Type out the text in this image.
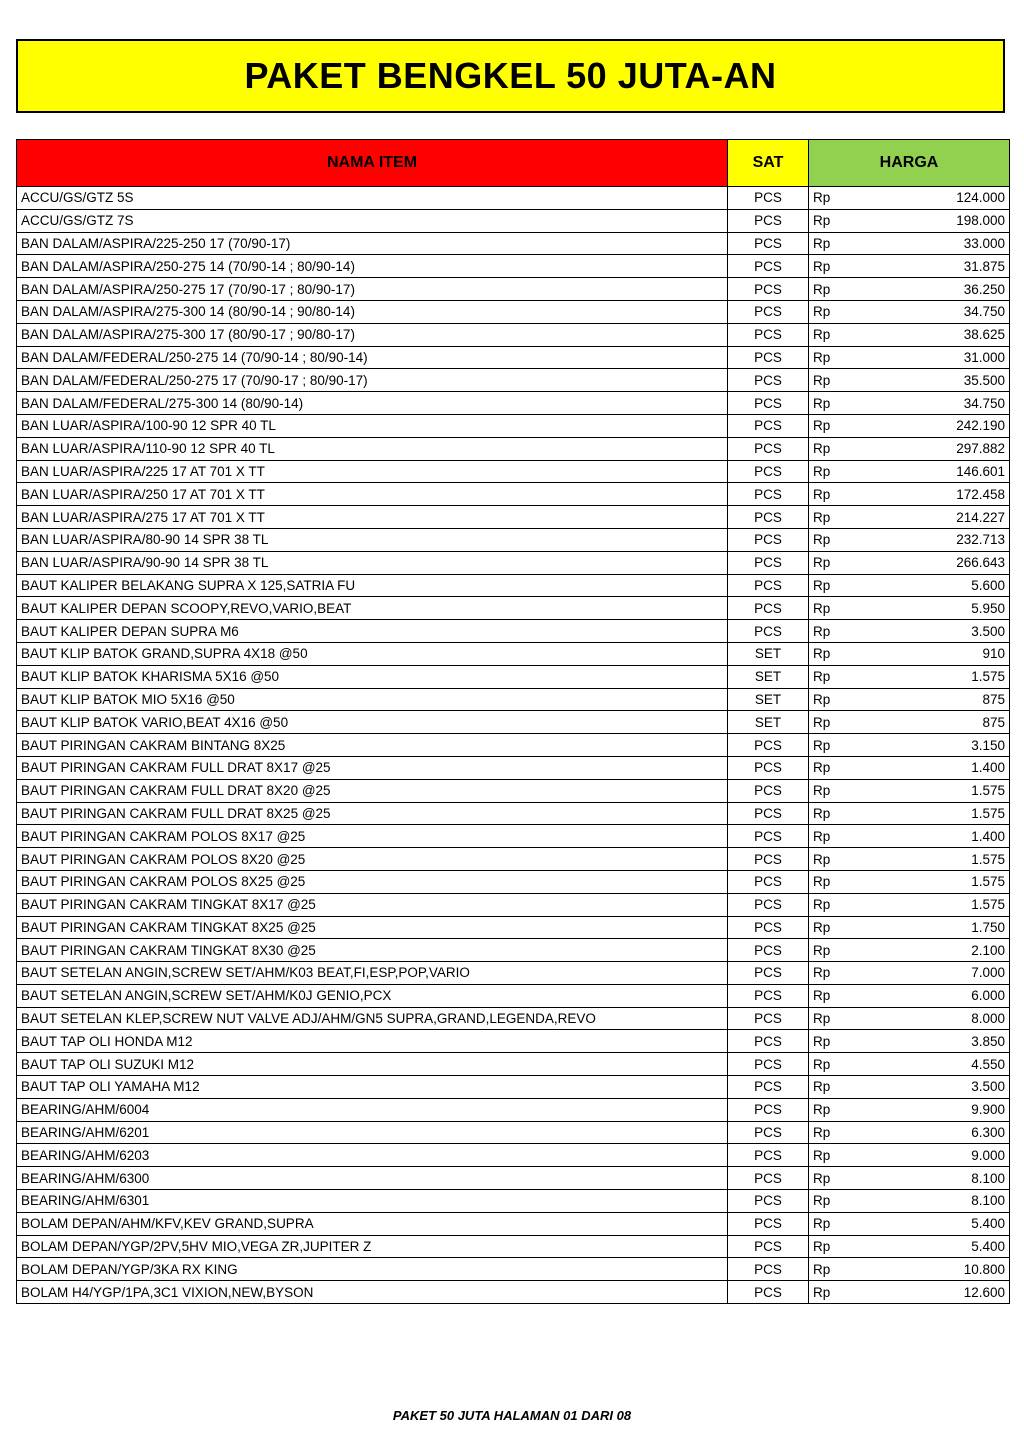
PAKET BENGKEL 50 JUTA-AN
NAMA ITEM	SAT	HARGA	
ACCU/GS/GTZ 5S	PCS	Rp	124.000
ACCU/GS/GTZ 7S	PCS	Rp	198.000
BAN DALAM/ASPIRA/225-250 17 (70/90-17)	PCS	Rp	33.000
BAN DALAM/ASPIRA/250-275 14 (70/90-14 ; 80/90-14)	PCS	Rp	31.875
BAN DALAM/ASPIRA/250-275 17 (70/90-17 ; 80/90-17)	PCS	Rp	36.250
BAN DALAM/ASPIRA/275-300 14 (80/90-14 ; 90/80-14)	PCS	Rp	34.750
BAN DALAM/ASPIRA/275-300 17 (80/90-17 ; 90/80-17)	PCS	Rp	38.625
BAN DALAM/FEDERAL/250-275 14 (70/90-14 ; 80/90-14)	PCS	Rp	31.000
BAN DALAM/FEDERAL/250-275 17 (70/90-17 ; 80/90-17)	PCS	Rp	35.500
BAN DALAM/FEDERAL/275-300 14 (80/90-14)	PCS	Rp	34.750
BAN LUAR/ASPIRA/100-90 12 SPR 40 TL	PCS	Rp	242.190
BAN LUAR/ASPIRA/110-90 12 SPR 40 TL	PCS	Rp	297.882
BAN LUAR/ASPIRA/225 17 AT 701 X TT	PCS	Rp	146.601
BAN LUAR/ASPIRA/250 17 AT 701 X TT	PCS	Rp	172.458
BAN LUAR/ASPIRA/275 17 AT 701 X TT	PCS	Rp	214.227
BAN LUAR/ASPIRA/80-90 14 SPR 38 TL	PCS	Rp	232.713
BAN LUAR/ASPIRA/90-90 14 SPR 38 TL	PCS	Rp	266.643
BAUT KALIPER BELAKANG SUPRA X 125,SATRIA FU	PCS	Rp	5.600
BAUT KALIPER DEPAN SCOOPY,REVO,VARIO,BEAT	PCS	Rp	5.950
BAUT KALIPER DEPAN SUPRA M6	PCS	Rp	3.500
BAUT KLIP BATOK GRAND,SUPRA 4X18 @50	SET	Rp	910
BAUT KLIP BATOK KHARISMA 5X16 @50	SET	Rp	1.575
BAUT KLIP BATOK MIO 5X16 @50	SET	Rp	875
BAUT KLIP BATOK VARIO,BEAT 4X16 @50	SET	Rp	875
BAUT PIRINGAN CAKRAM BINTANG 8X25	PCS	Rp	3.150
BAUT PIRINGAN CAKRAM FULL DRAT 8X17 @25	PCS	Rp	1.400
BAUT PIRINGAN CAKRAM FULL DRAT 8X20 @25	PCS	Rp	1.575
BAUT PIRINGAN CAKRAM FULL DRAT 8X25 @25	PCS	Rp	1.575
BAUT PIRINGAN CAKRAM POLOS 8X17 @25	PCS	Rp	1.400
BAUT PIRINGAN CAKRAM POLOS 8X20 @25	PCS	Rp	1.575
BAUT PIRINGAN CAKRAM POLOS 8X25 @25	PCS	Rp	1.575
BAUT PIRINGAN CAKRAM TINGKAT 8X17 @25	PCS	Rp	1.575
BAUT PIRINGAN CAKRAM TINGKAT 8X25 @25	PCS	Rp	1.750
BAUT PIRINGAN CAKRAM TINGKAT 8X30 @25	PCS	Rp	2.100
BAUT SETELAN ANGIN,SCREW SET/AHM/K03 BEAT,FI,ESP,POP,VARIO	PCS	Rp	7.000
BAUT SETELAN ANGIN,SCREW SET/AHM/K0J GENIO,PCX	PCS	Rp	6.000
BAUT SETELAN KLEP,SCREW NUT VALVE ADJ/AHM/GN5 SUPRA,GRAND,LEGENDA,REVO	PCS	Rp	8.000
BAUT TAP OLI HONDA M12	PCS	Rp	3.850
BAUT TAP OLI SUZUKI M12	PCS	Rp	4.550
BAUT TAP OLI YAMAHA M12	PCS	Rp	3.500
BEARING/AHM/6004	PCS	Rp	9.900
BEARING/AHM/6201	PCS	Rp	6.300
BEARING/AHM/6203	PCS	Rp	9.000
BEARING/AHM/6300	PCS	Rp	8.100
BEARING/AHM/6301	PCS	Rp	8.100
BOLAM DEPAN/AHM/KFV,KEV GRAND,SUPRA	PCS	Rp	5.400
BOLAM DEPAN/YGP/2PV,5HV MIO,VEGA ZR,JUPITER Z	PCS	Rp	5.400
BOLAM DEPAN/YGP/3KA RX KING	PCS	Rp	10.800
BOLAM H4/YGP/1PA,3C1 VIXION,NEW,BYSON	PCS	Rp	12.600
PAKET 50 JUTA HALAMAN 01 DARI 08
